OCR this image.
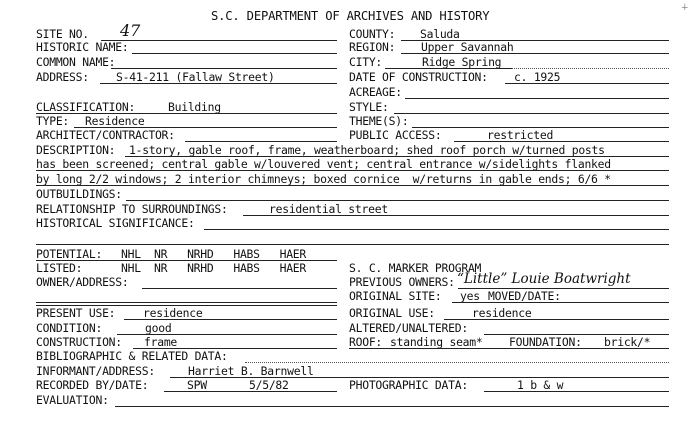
S.C. DEPARTMENT OF ARCHIVES AND HISTORY
∔
SITE NO. 47
HISTORIC NAME:
COMMON NAME:
ADDRESS: S-41-211 (Fallaw Street)
COUNTY: Saluda
REGION: Upper Savannah
CITY:	Ridge Spring
DATE OF CONSTRUCTION: c. 1925
ACREAGE:
CLASSIFICATION:	Building
TYPE: Residence
ARCHITECT/CONTRACTOR:
STYLE:
THEME(S):
PUBLIC ACCESS:	restricted
DESCRIPTION: 1-story, gable roof, frame, weatherboard; shed roof porch w/turned posts
has been screened; central gable w/louvered vent; central entrance w/sidelights flanked
by long 2/2 windows; 2 interior chimneys; boxed cornice  w/returns in gable ends; 6/6 *
OUTBUILDINGS:
RELATIONSHIP TO SURROUNDINGS:	residential street
HISTORICAL SIGNIFICANCE:
POTENTIAL: NHL  NR   NRHD   HABS   HAER
LISTED:	NHL  NR   NRHD   HABS   HAER
OWNER/ADDRESS:
S. C. MARKER PROGRAM
PREVIOUS OWNERS: “Little” Louie Boatwright
ORIGINAL SITE: yes MOVED/DATE:
PRESENT USE: residence
CONDITION:	good
CONSTRUCTION: frame
ORIGINAL USE:	residence
ALTERED/UNALTERED:
ROOF: standing seam* FOUNDATION: brick/*
BIBLIOGRAPHIC & RELATED DATA:
INFORMANT/ADDRESS:	Harriet B. Barnwell
RECORDED BY/DATE:	SPW	5/5/82	PHOTOGRAPHIC DATA:	1 b & w
EVALUATION:
